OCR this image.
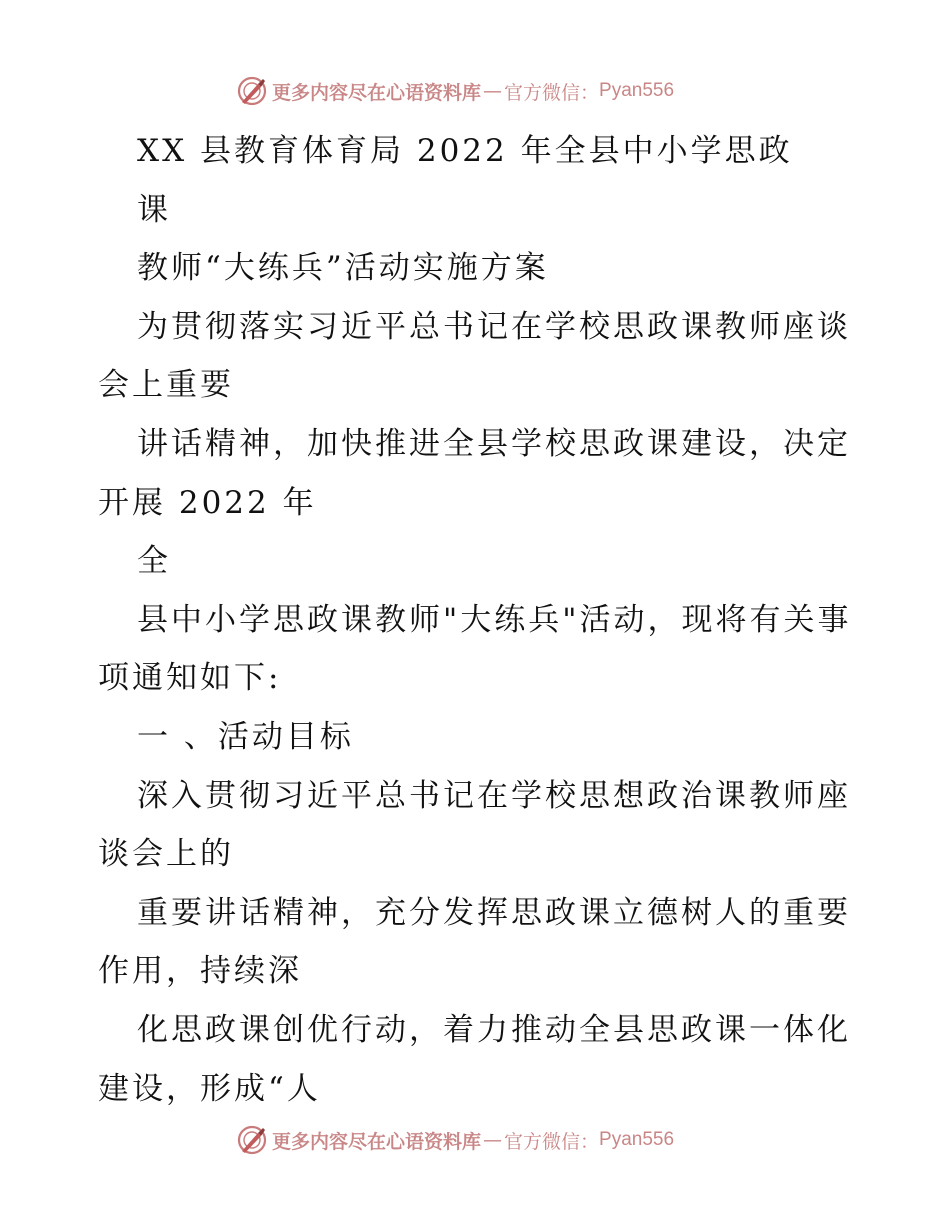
更多内容尽在心语资料库 — 官方微信： Pyan556
XX 县教育体育局 2022 年全县中小学思政
课
教师“大练兵”活动实施方案
为贯彻落实习近平总书记在学校思政课教师座谈
会上重要
讲话精神，加快推进全县学校思政课建设，决定
开展 2022 年
全
县中小学思政课教师"大练兵"活动，现将有关事
项通知如下:
一 、活动目标
深入贯彻习近平总书记在学校思想政治课教师座
谈会上的
重要讲话精神，充分发挥思政课立德树人的重要
作用，持续深
化思政课创优行动，着力推动全县思政课一体化
建设，形成“人
更多内容尽在心语资料库 — 官方微信： Pyan556
